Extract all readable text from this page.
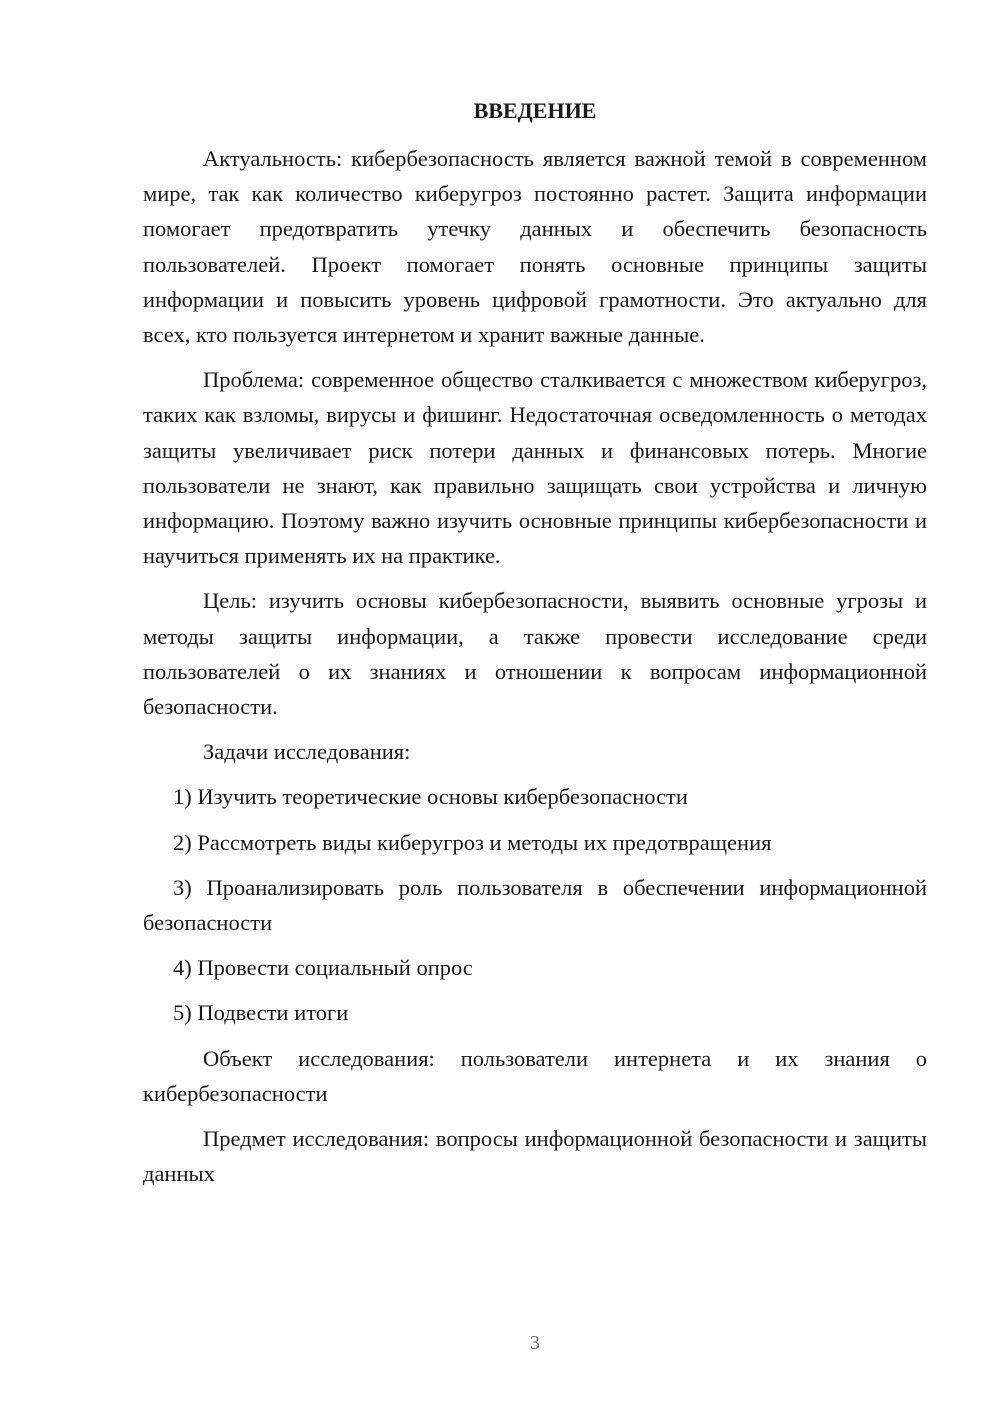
ВВЕДЕНИЕ

Актуальность: кибербезопасность является важной темой в современном мире, так как количество киберугроз постоянно растет. Защита информации помогает предотвратить утечку данных и обеспечить безопасность пользователей. Проект помогает понять основные принципы защиты информации и повысить уровень цифровой грамотности. Это актуально для всех, кто пользуется интернетом и хранит важные данные.

Проблема: современное общество сталкивается с множеством киберугроз, таких как взломы, вирусы и фишинг. Недостаточная осведомленность о методах защиты увеличивает риск потери данных и финансовых потерь. Многие пользователи не знают, как правильно защищать свои устройства и личную информацию. Поэтому важно изучить основные принципы кибербезопасности и научиться применять их на практике.

Цель: изучить основы кибербезопасности, выявить основные угрозы и методы защиты информации, а также провести исследование среди пользователей о их знаниях и отношении к вопросам информационной безопасности.

Задачи исследования:

1) Изучить теоретические основы кибербезопасности

2) Рассмотреть виды киберугроз и методы их предотвращения

3) Проанализировать роль пользователя в обеспечении информационной безопасности

4) Провести социальный опрос

5) Подвести итоги

Объект исследования: пользователи интернета и их знания о кибербезопасности

Предмет исследования: вопросы информационной безопасности и защиты данных

3
